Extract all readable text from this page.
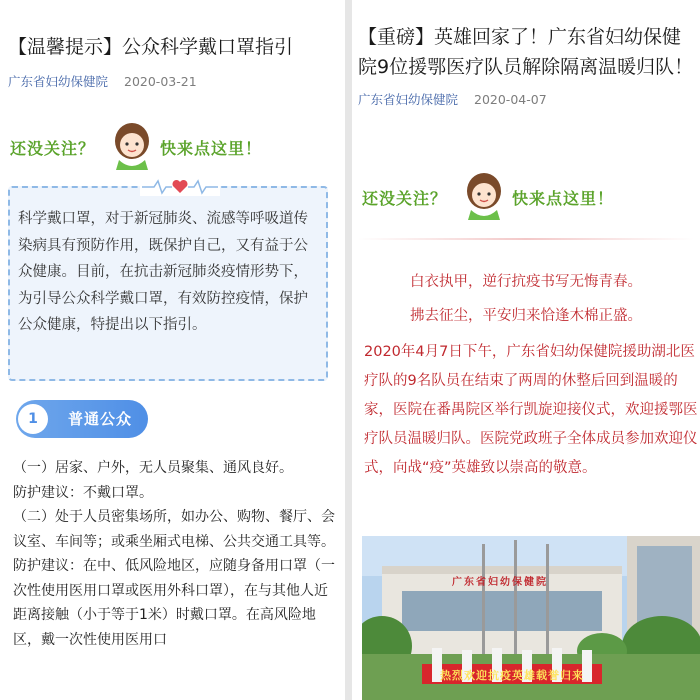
【温馨提示】公众科学戴口罩指引
广东省妇幼保健院 2020-03-21
还没关注？	快来点这里！
科学戴口罩，对于新冠肺炎、流感等呼吸道传染病具有预防作用，既保护自己，又有益于公众健康。目前，在抗击新冠肺炎疫情形势下，为引导公众科学戴口罩，有效防控疫情，保护公众健康，特提出以下指引。
1	普通公众
（一）居家、户外，无人员聚集、通风良好。
防护建议：不戴口罩。
（二）处于人员密集场所，如办公、购物、餐厅、会议室、车间等；或乘坐厢式电梯、公共交通工具等。
防护建议：在中、低风险地区，应随身备用口罩（一次性使用医用口罩或医用外科口罩），在与其他人近距离接触（小于等于1米）时戴口罩。在高风险地区，戴一次性使用医用口
【重磅】英雄回家了！广东省妇幼保健院9位援鄂医疗队员解除隔离温暖归队！
广东省妇幼保健院 2020-04-07
还没关注？	快来点这里！
白衣执甲，逆行抗疫书写无悔青春。
拂去征尘，平安归来恰逢木棉正盛。
2020年4月7日下午，广东省妇幼保健院援助湖北医疗队的9名队员在结束了两周的休整后回到温暖的家，医院在番禺院区举行凯旋迎接仪式，欢迎援鄂医疗队员温暖归队。医院党政班子全体成员参加欢迎仪式，向战“疫”英雄致以崇高的敬意。
广东省妇幼保健院
热烈欢迎抗疫英雄载誉归来
